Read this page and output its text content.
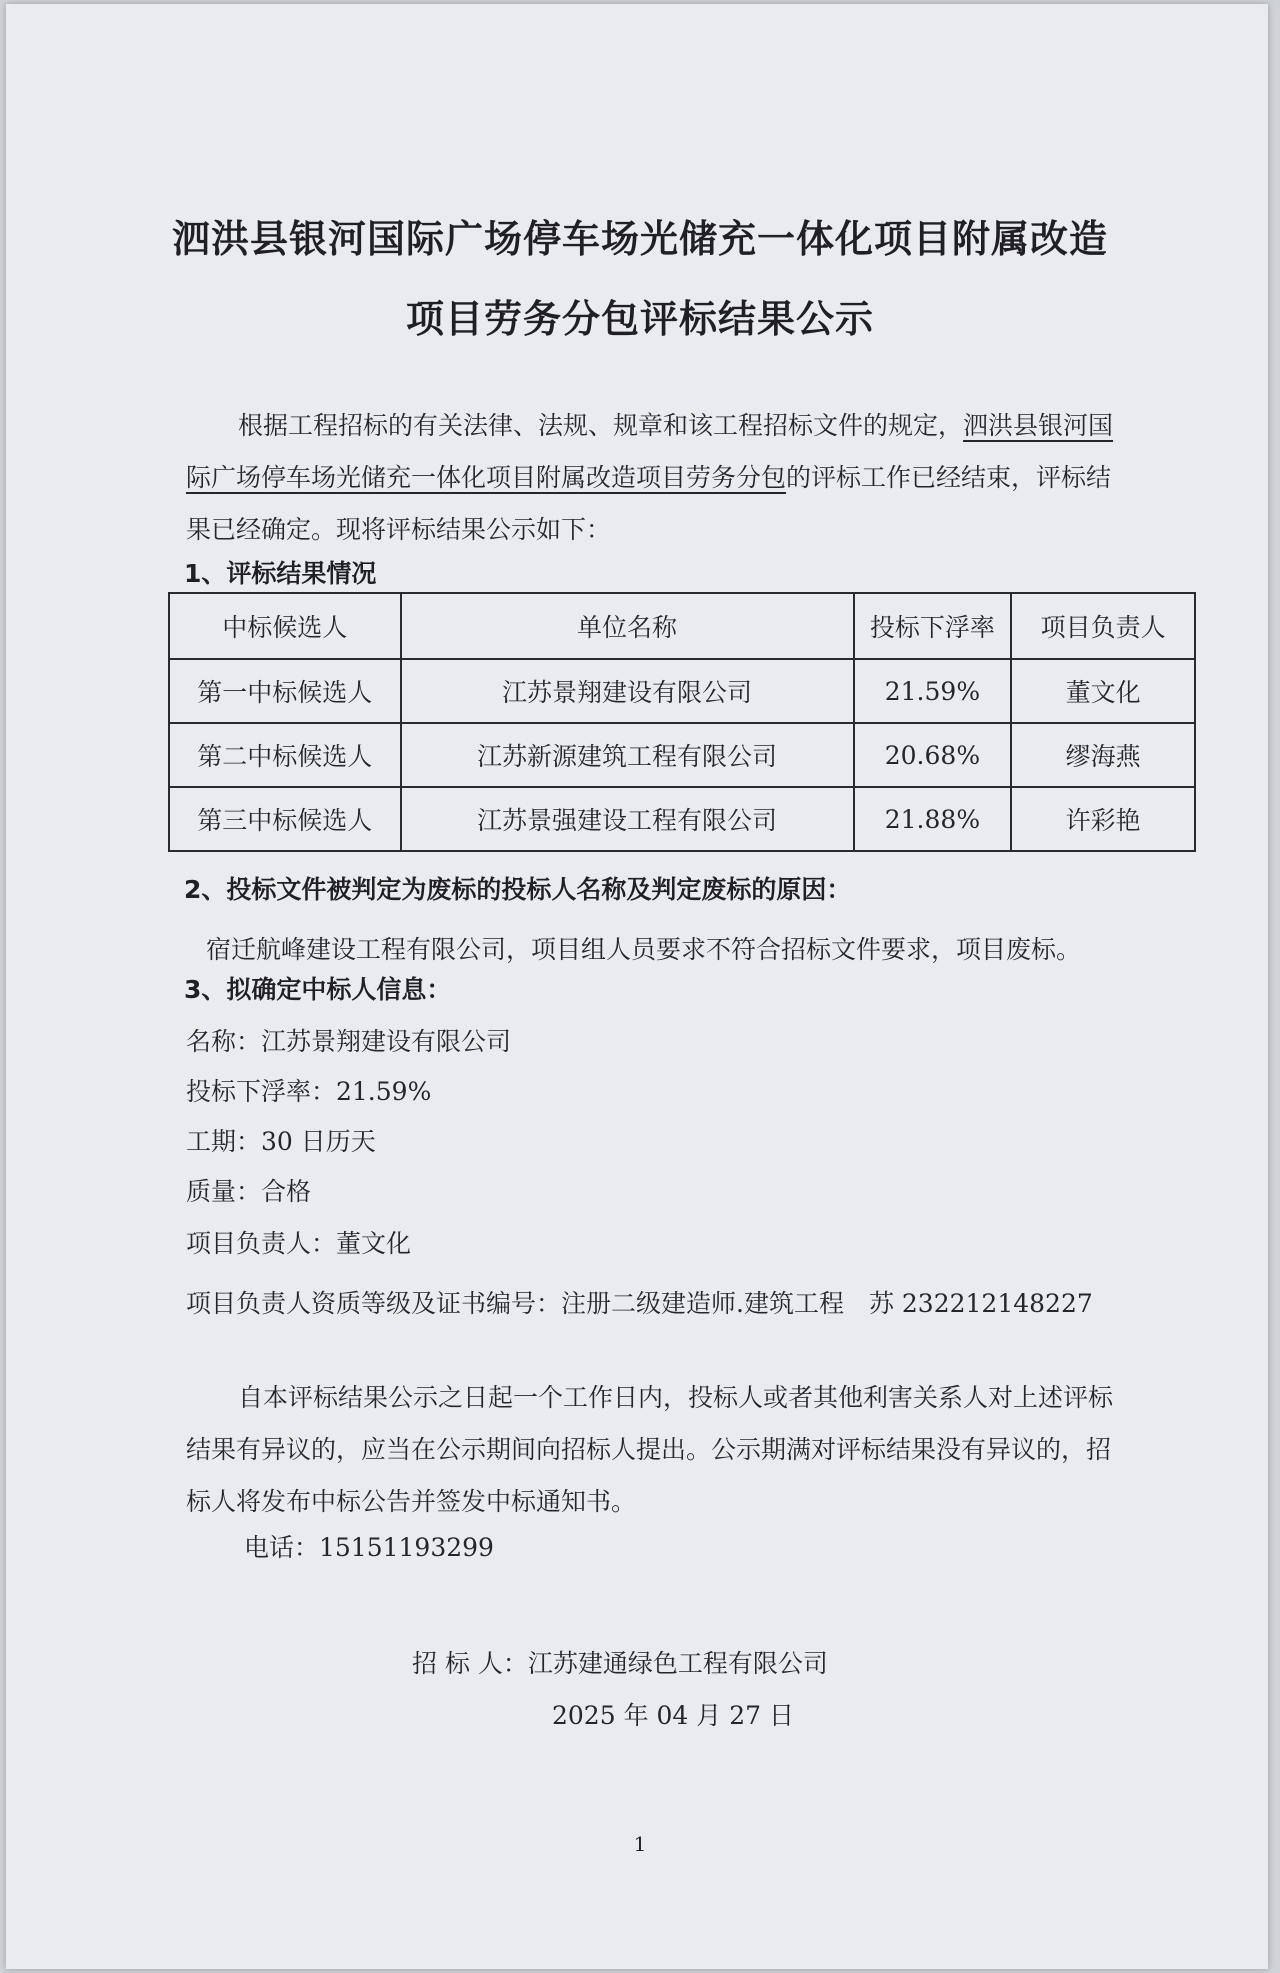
泗洪县银河国际广场停车场光储充一体化项目附属改造
项目劳务分包评标结果公示
根据工程招标的有关法律、法规、规章和该工程招标文件的规定，泗洪县银河国际广场停车场光储充一体化项目附属改造项目劳务分包的评标工作已经结束，评标结果已经确定。现将评标结果公示如下：
1、评标结果情况
中标候选人	单位名称	投标下浮率	项目负责人
第一中标候选人	江苏景翔建设有限公司	21.59%	董文化
第二中标候选人	江苏新源建筑工程有限公司	20.68%	缪海燕
第三中标候选人	江苏景强建设工程有限公司	21.88%	许彩艳
2、投标文件被判定为废标的投标人名称及判定废标的原因：
宿迁航峰建设工程有限公司，项目组人员要求不符合招标文件要求，项目废标。
3、拟确定中标人信息：
名称：江苏景翔建设有限公司
投标下浮率：21.59%
工期：30 日历天
质量：合格
项目负责人：董文化
项目负责人资质等级及证书编号：注册二级建造师.建筑工程　苏 232212148227
自本评标结果公示之日起一个工作日内，投标人或者其他利害关系人对上述评标结果有异议的，应当在公示期间向招标人提出。公示期满对评标结果没有异议的，招标人将发布中标公告并签发中标通知书。
电话：15151193299
招 标 人：江苏建通绿色工程有限公司
2025 年 04 月 27 日
1
